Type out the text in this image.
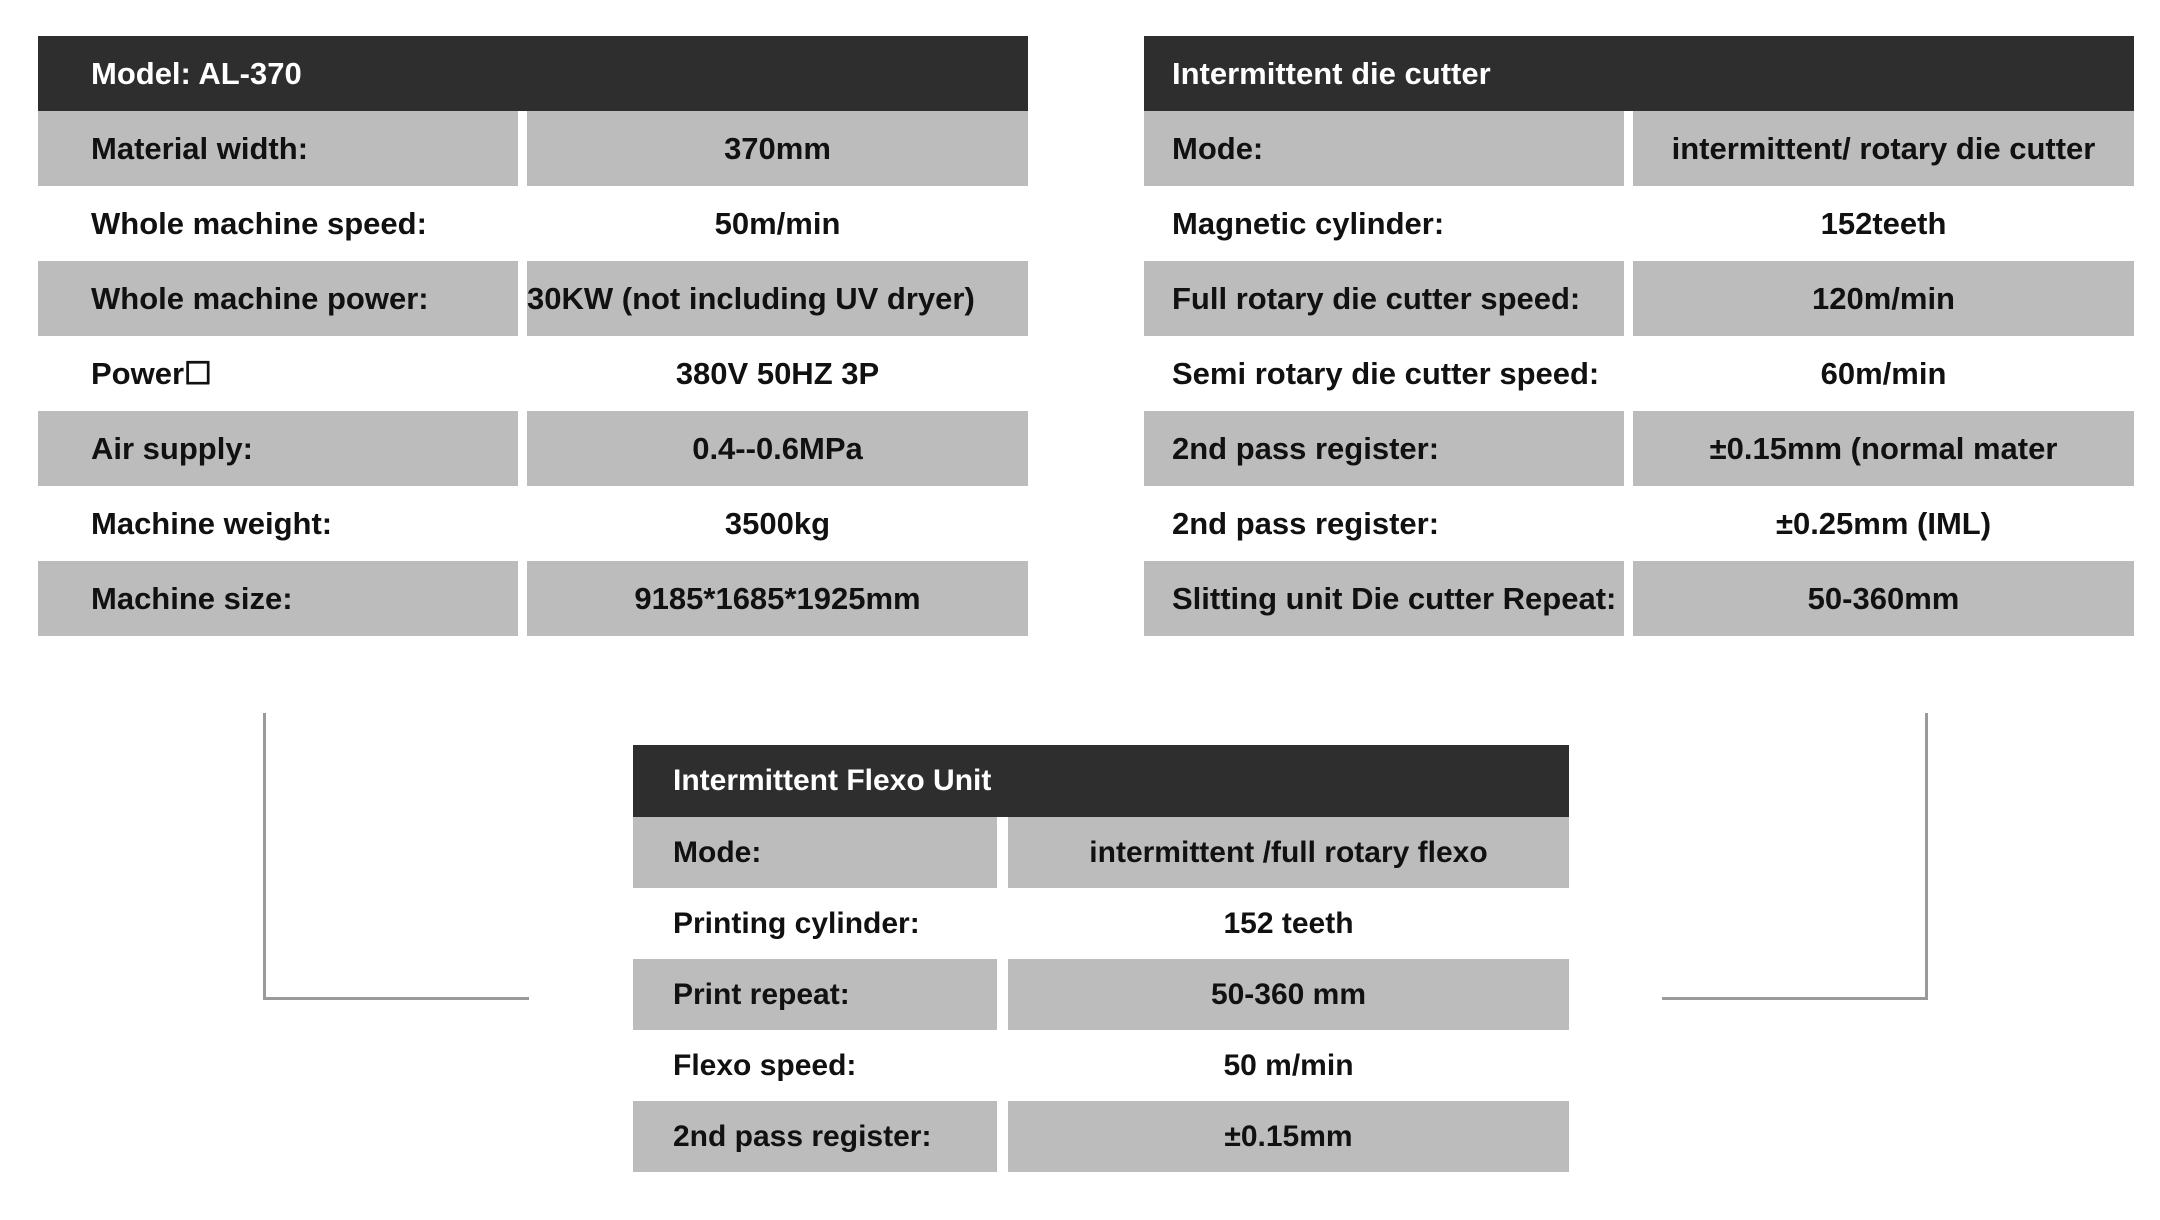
Model: AL-370
Material width:	370mm
Whole machine speed:	50m/min
Whole machine power:	30KW (not including UV dryer)
Power☐	380V 50HZ 3P
Air supply:	0.4--0.6MPa
Machine weight:	3500kg
Machine size:	9185*1685*1925mm
Intermittent die cutter
Mode:	intermittent/ rotary die cutter
Magnetic cylinder:	152teeth
Full rotary die cutter speed:	120m/min
Semi rotary die cutter speed:	60m/min
2nd pass register:	±0.15mm (normal mater
2nd pass register:	±0.25mm (IML)
Slitting unit Die cutter Repeat:	50-360mm
Intermittent Flexo Unit
Mode:	intermittent /full rotary flexo
Printing cylinder:	152 teeth
Print repeat:	50-360 mm
Flexo speed:	50 m/min
2nd pass register:	±0.15mm
